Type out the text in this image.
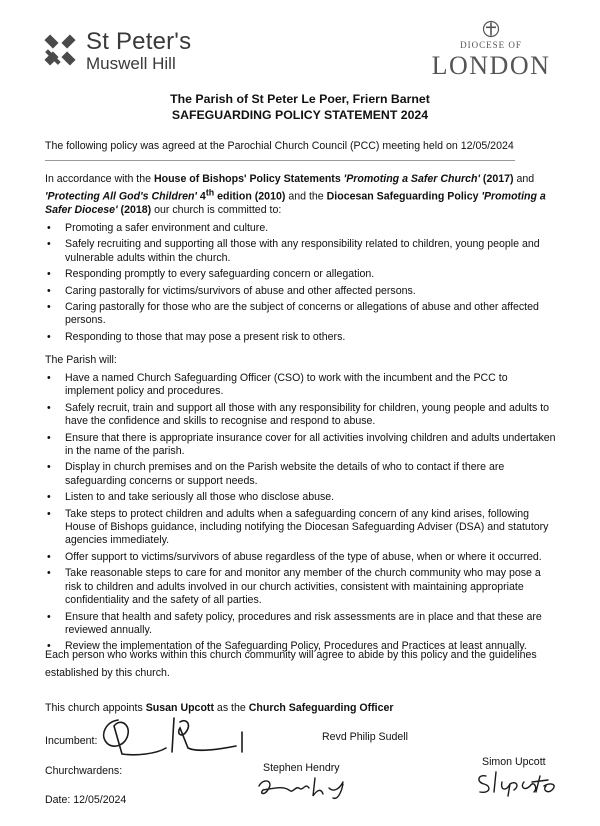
St Peter's
Muswell Hill
DIOCESE OF
LONDON
The Parish of St Peter Le Poer, Friern Barnet
SAFEGUARDING POLICY STATEMENT 2024
The following policy was agreed at the Parochial Church Council (PCC) meeting held on 12/05/2024
In accordance with the House of Bishops' Policy Statements 'Promoting a Safer Church' (2017) and 'Protecting All God's Children' 4th edition (2010) and the Diocesan Safeguarding Policy 'Promoting a Safer Diocese' (2018) our church is committed to:
• Promoting a safer environment and culture.
• Safely recruiting and supporting all those with any responsibility related to children, young people and vulnerable adults within the church.
• Responding promptly to every safeguarding concern or allegation.
• Caring pastorally for victims/survivors of abuse and other affected persons.
• Caring pastorally for those who are the subject of concerns or allegations of abuse and other affected persons.
• Responding to those that may pose a present risk to others.
The Parish will:
• Have a named Church Safeguarding Officer (CSO) to work with the incumbent and the PCC to implement policy and procedures.
• Safely recruit, train and support all those with any responsibility for children, young people and adults to have the confidence and skills to recognise and respond to abuse.
• Ensure that there is appropriate insurance cover for all activities involving children and adults undertaken in the name of the parish.
• Display in church premises and on the Parish website the details of who to contact if there are safeguarding concerns or support needs.
• Listen to and take seriously all those who disclose abuse.
• Take steps to protect children and adults when a safeguarding concern of any kind arises, following House of Bishops guidance, including notifying the Diocesan Safeguarding Adviser (DSA) and statutory agencies immediately.
• Offer support to victims/survivors of abuse regardless of the type of abuse, when or where it occurred.
• Take reasonable steps to care for and monitor any member of the church community who may pose a risk to children and adults involved in our church activities, consistent with maintaining appropriate confidentiality and the safety of all parties.
• Ensure that health and safety policy, procedures and risk assessments are in place and that these are reviewed annually.
• Review the implementation of the Safeguarding Policy, Procedures and Practices at least annually.
Each person who works within this church community will agree to abide by this policy and the guidelines established by this church.
This church appoints Susan Upcott as the Church Safeguarding Officer
Incumbent:	Revd Philip Sudell
Churchwardens:	Stephen Hendry	Simon Upcott
Date: 12/05/2024
